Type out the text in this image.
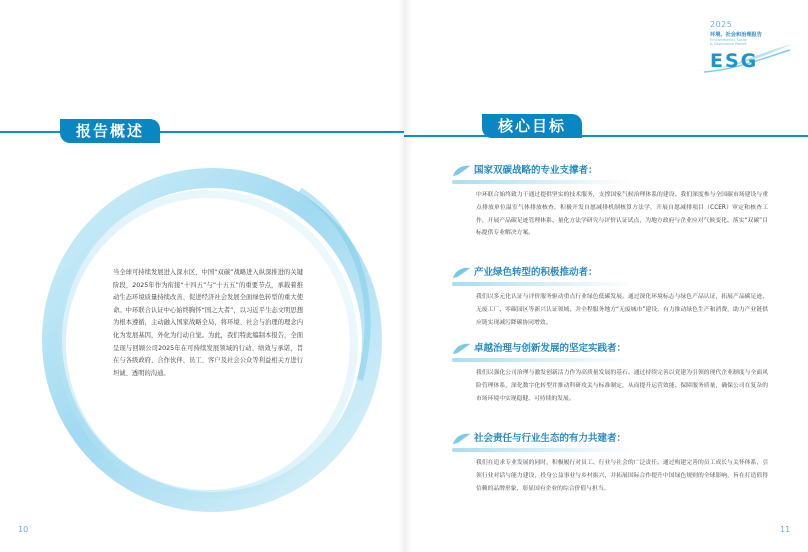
报告概述
当全球可持续发展进入深水区，中国“双碳”战略进入纵深推进的关键阶段，2025年作为衔接“十四五”与“十五五”的重要节点，承载着推动生态环境质量持续改善、促进经济社会发展全面绿色转型的重大使命。中环联合认证中心始终胸怀“国之大者”，以习近平生态文明思想为根本遵循，主动融入国家战略全局，将环境、社会与治理的理念内化为发展基因，外化为行动自觉。为此，我们特此编制本报告，全面呈现与回顾公司2025年在可持续发展领域的行动、绩效与承诺，旨在与各级政府、合作伙伴、员工、客户及社会公众等利益相关方进行坦诚、透明的沟通。
10
2025
环境、社会和治理报告
Environmental, Social & Governance Report
ESG
核心目标
国家双碳战略的专业支撑者：
中环联合始终致力于通过提供坚实的技术服务，支撑国家气候治理体系的建设。我们深度参与全国碳市场建设与重点排放单位温室气体排放核查，积极开发自愿减排机制核算方法学，开展自愿减排项目（CCER）审定和核查工作，开展产品碳足迹管理体系、量化方法学研究与评价认证试点，为地方政府与企业应对气候变化、落实“双碳”目标提供专业解决方案。
产业绿色转型的积极推动者：
我们以多元化认证与评价服务驱动重点行业绿色低碳发展。通过深化环境标志与绿色产品认证，拓展产品碳足迹、无废工厂、零碳园区等新兴认证领域，并全程服务地方“无废城市”建设，有力推动绿色生产和消费，助力产业链供应链实现减污降碳协同增效。
卓越治理与创新发展的坚定实践者：
我们以强化公司治理与激发创新活力作为高质量发展的基石。通过持续完善以党建为引领的现代企业制度与全面风险管理体系，深化数字化转型并推动科研攻关与标准制定，从而提升运营效能、保障服务质量，确保公司在复杂的市场环境中实现稳健、可持续的发展。
社会责任与行业生态的有力共建者：
我们在追求专业发展的同时，积极履行对员工、行业与社会的广泛责任。通过构建完善的员工成长与关怀体系，引领行业对话与能力建设，投身公益事业与乡村振兴，并拓展国际合作提升中国绿色规则的全球影响，旨在打造值得信赖的品牌形象，彰显国有企业的综合价值与担当。
11
